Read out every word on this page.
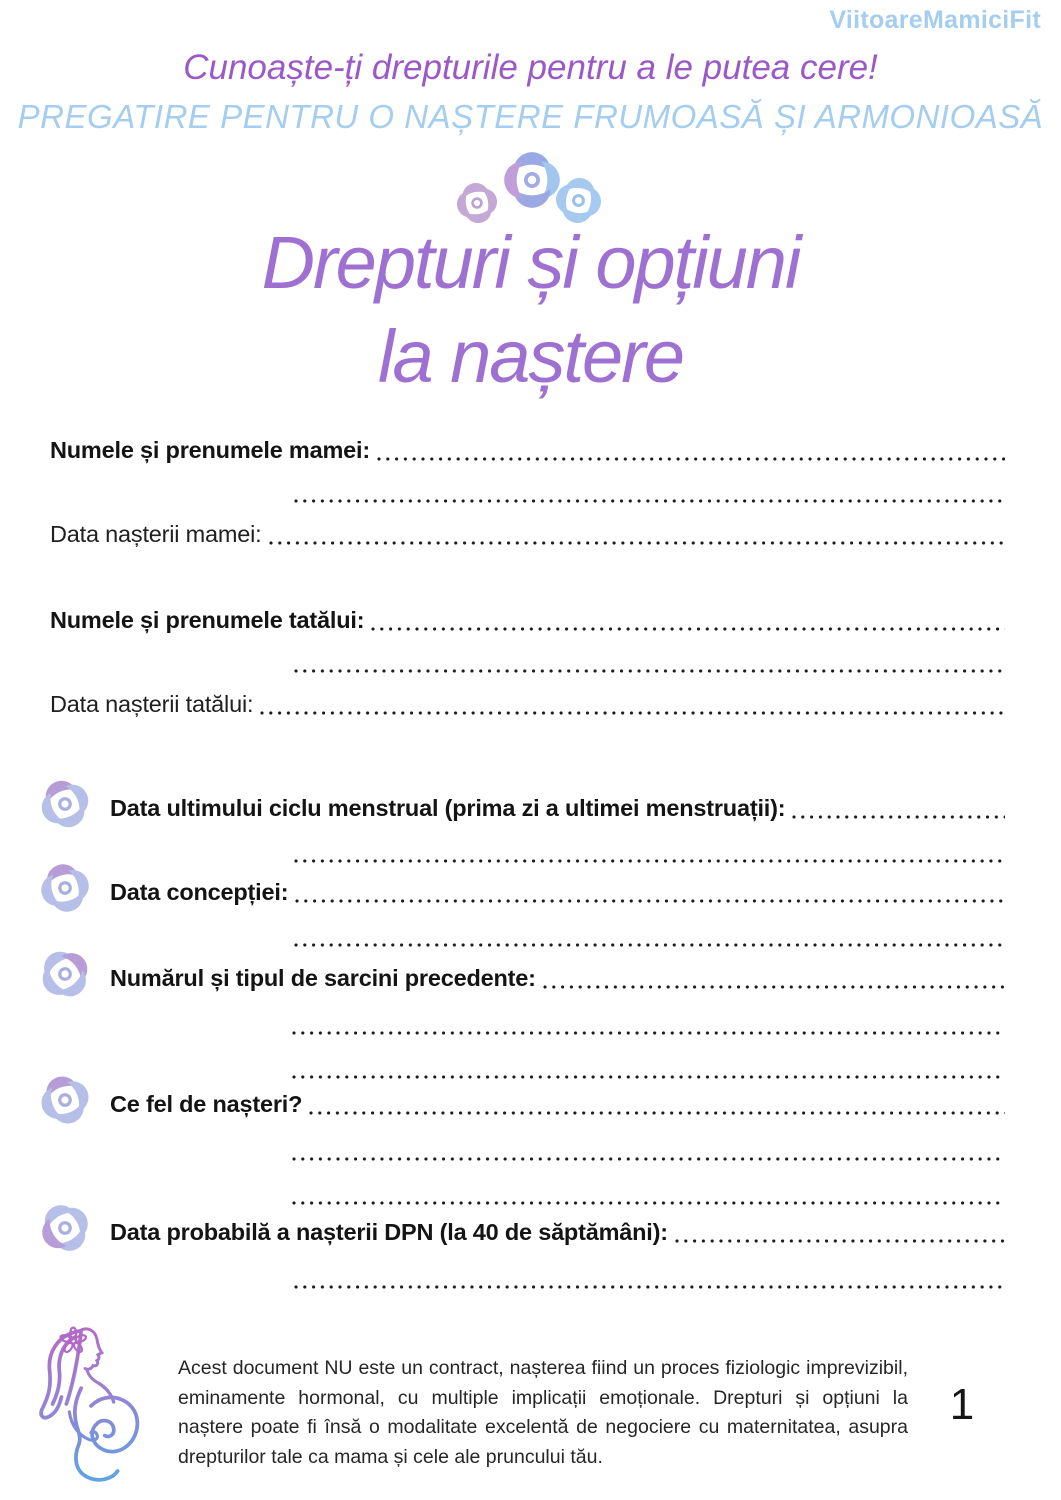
ViitoareMamiciFit
Cunoaște-ți drepturile pentru a le putea cere!
PREGATIRE PENTRU O NAȘTERE FRUMOASĂ ȘI ARMONIOASĂ
Drepturi și opțiuni
la naștere
Numele și prenumele mamei:
Data nașterii mamei:
Numele și prenumele tatălui:
Data nașterii tatălui:
Data ultimului ciclu menstrual (prima zi a ultimei menstruații):
Data concepției:
Numărul și tipul de sarcini precedente:
Ce fel de nașteri?
Data probabilă a nașterii DPN (la 40 de săptămâni):
Acest document NU este un contract, nașterea fiind un proces fiziologic imprevizibil, eminamente hormonal, cu multiple implicații emoționale. Drepturi și opțiuni la naștere poate fi însă o modalitate excelentă de negociere cu maternitatea, asupra drepturilor tale ca mama și cele ale pruncului tău.
1
